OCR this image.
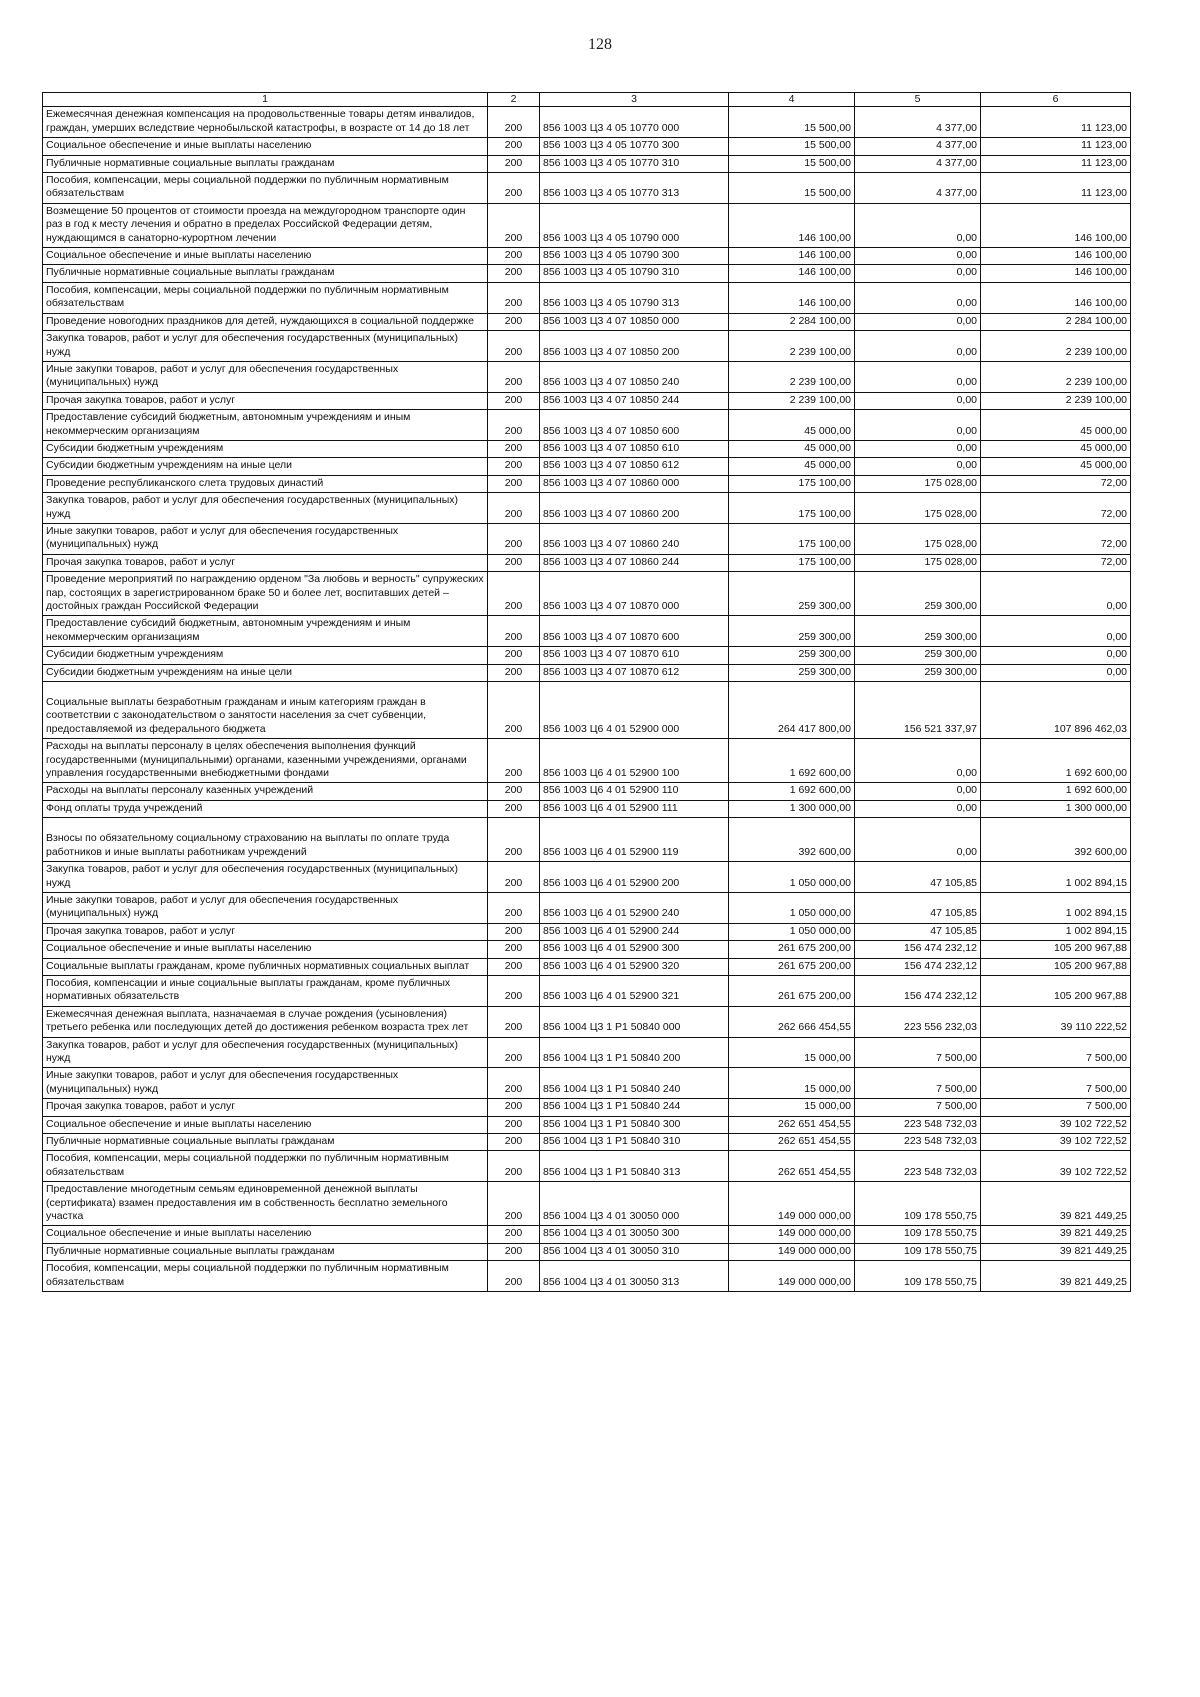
128
1	2	3	4	5	6
Ежемесячная денежная компенсация на продовольственные товары детям инвалидов, граждан, умерших вследствие чернобыльской катастрофы, в возрасте от 14 до 18 лет	200	856 1003 Ц3 4 05 10770 000	15 500,00	4 377,00	11 123,00
Социальное обеспечение и иные выплаты населению	200	856 1003 Ц3 4 05 10770 300	15 500,00	4 377,00	11 123,00
Публичные нормативные социальные выплаты гражданам	200	856 1003 Ц3 4 05 10770 310	15 500,00	4 377,00	11 123,00
Пособия, компенсации, меры социальной поддержки по публичным нормативным обязательствам	200	856 1003 Ц3 4 05 10770 313	15 500,00	4 377,00	11 123,00
Возмещение 50 процентов от стоимости проезда на междугородном транспорте один раз в год к месту лечения и обратно в пределах Российской Федерации детям, нуждающимся в санаторно-курортном лечении	200	856 1003 Ц3 4 05 10790 000	146 100,00	0,00	146 100,00
Социальное обеспечение и иные выплаты населению	200	856 1003 Ц3 4 05 10790 300	146 100,00	0,00	146 100,00
Публичные нормативные социальные выплаты гражданам	200	856 1003 Ц3 4 05 10790 310	146 100,00	0,00	146 100,00
Пособия, компенсации, меры социальной поддержки по публичным нормативным обязательствам	200	856 1003 Ц3 4 05 10790 313	146 100,00	0,00	146 100,00
Проведение новогодних праздников для детей, нуждающихся в социальной поддержке	200	856 1003 Ц3 4 07 10850 000	2 284 100,00	0,00	2 284 100,00
Закупка товаров, работ и услуг для обеспечения государственных (муниципальных) нужд	200	856 1003 Ц3 4 07 10850 200	2 239 100,00	0,00	2 239 100,00
Иные закупки товаров, работ и услуг для обеспечения государственных (муниципальных) нужд	200	856 1003 Ц3 4 07 10850 240	2 239 100,00	0,00	2 239 100,00
Прочая закупка товаров, работ и услуг	200	856 1003 Ц3 4 07 10850 244	2 239 100,00	0,00	2 239 100,00
Предоставление субсидий бюджетным, автономным учреждениям и иным некоммерческим организациям	200	856 1003 Ц3 4 07 10850 600	45 000,00	0,00	45 000,00
Субсидии бюджетным учреждениям	200	856 1003 Ц3 4 07 10850 610	45 000,00	0,00	45 000,00
Субсидии бюджетным учреждениям на иные цели	200	856 1003 Ц3 4 07 10850 612	45 000,00	0,00	45 000,00
Проведение республиканского слета трудовых династий	200	856 1003 Ц3 4 07 10860 000	175 100,00	175 028,00	72,00
Закупка товаров, работ и услуг для обеспечения государственных (муниципальных) нужд	200	856 1003 Ц3 4 07 10860 200	175 100,00	175 028,00	72,00
Иные закупки товаров, работ и услуг для обеспечения государственных (муниципальных) нужд	200	856 1003 Ц3 4 07 10860 240	175 100,00	175 028,00	72,00
Прочая закупка товаров, работ и услуг	200	856 1003 Ц3 4 07 10860 244	175 100,00	175 028,00	72,00
Проведение мероприятий по награждению орденом "За любовь и верность" супружеских пар, состоящих в зарегистрированном браке 50 и более лет, воспитавших детей – достойных граждан Российской Федерации	200	856 1003 Ц3 4 07 10870 000	259 300,00	259 300,00	0,00
Предоставление субсидий бюджетным, автономным учреждениям и иным некоммерческим организациям	200	856 1003 Ц3 4 07 10870 600	259 300,00	259 300,00	0,00
Субсидии бюджетным учреждениям	200	856 1003 Ц3 4 07 10870 610	259 300,00	259 300,00	0,00
Субсидии бюджетным учреждениям на иные цели	200	856 1003 Ц3 4 07 10870 612	259 300,00	259 300,00	0,00
Социальные выплаты безработным гражданам и иным категориям граждан в соответствии с законодательством о занятости населения за счет субвенции, предоставляемой из федерального бюджета	200	856 1003 Ц6 4 01 52900 000	264 417 800,00	156 521 337,97	107 896 462,03
Расходы на выплаты персоналу в целях обеспечения выполнения функций государственными (муниципальными) органами, казенными учреждениями, органами управления государственными внебюджетными фондами	200	856 1003 Ц6 4 01 52900 100	1 692 600,00	0,00	1 692 600,00
Расходы на выплаты персоналу казенных учреждений	200	856 1003 Ц6 4 01 52900 110	1 692 600,00	0,00	1 692 600,00
Фонд оплаты труда учреждений	200	856 1003 Ц6 4 01 52900 111	1 300 000,00	0,00	1 300 000,00
Взносы по обязательному социальному страхованию на выплаты по оплате труда работников и иные выплаты работникам учреждений	200	856 1003 Ц6 4 01 52900 119	392 600,00	0,00	392 600,00
Закупка товаров, работ и услуг для обеспечения государственных (муниципальных) нужд	200	856 1003 Ц6 4 01 52900 200	1 050 000,00	47 105,85	1 002 894,15
Иные закупки товаров, работ и услуг для обеспечения государственных (муниципальных) нужд	200	856 1003 Ц6 4 01 52900 240	1 050 000,00	47 105,85	1 002 894,15
Прочая закупка товаров, работ и услуг	200	856 1003 Ц6 4 01 52900 244	1 050 000,00	47 105,85	1 002 894,15
Социальное обеспечение и иные выплаты населению	200	856 1003 Ц6 4 01 52900 300	261 675 200,00	156 474 232,12	105 200 967,88
Социальные выплаты гражданам, кроме публичных нормативных социальных выплат	200	856 1003 Ц6 4 01 52900 320	261 675 200,00	156 474 232,12	105 200 967,88
Пособия, компенсации и иные социальные выплаты гражданам, кроме публичных нормативных обязательств	200	856 1003 Ц6 4 01 52900 321	261 675 200,00	156 474 232,12	105 200 967,88
Ежемесячная денежная выплата, назначаемая в случае рождения (усыновления) третьего ребенка или последующих детей до достижения ребенком возраста трех лет	200	856 1004 Ц3 1 P1 50840 000	262 666 454,55	223 556 232,03	39 110 222,52
Закупка товаров, работ и услуг для обеспечения государственных (муниципальных) нужд	200	856 1004 Ц3 1 P1 50840 200	15 000,00	7 500,00	7 500,00
Иные закупки товаров, работ и услуг для обеспечения государственных (муниципальных) нужд	200	856 1004 Ц3 1 P1 50840 240	15 000,00	7 500,00	7 500,00
Прочая закупка товаров, работ и услуг	200	856 1004 Ц3 1 P1 50840 244	15 000,00	7 500,00	7 500,00
Социальное обеспечение и иные выплаты населению	200	856 1004 Ц3 1 P1 50840 300	262 651 454,55	223 548 732,03	39 102 722,52
Публичные нормативные социальные выплаты гражданам	200	856 1004 Ц3 1 P1 50840 310	262 651 454,55	223 548 732,03	39 102 722,52
Пособия, компенсации, меры социальной поддержки по публичным нормативным обязательствам	200	856 1004 Ц3 1 P1 50840 313	262 651 454,55	223 548 732,03	39 102 722,52
Предоставление многодетным семьям единовременной денежной выплаты (сертификата) взамен предоставления им в собственность бесплатно земельного участка	200	856 1004 Ц3 4 01 30050 000	149 000 000,00	109 178 550,75	39 821 449,25
Социальное обеспечение и иные выплаты населению	200	856 1004 Ц3 4 01 30050 300	149 000 000,00	109 178 550,75	39 821 449,25
Публичные нормативные социальные выплаты гражданам	200	856 1004 Ц3 4 01 30050 310	149 000 000,00	109 178 550,75	39 821 449,25
Пособия, компенсации, меры социальной поддержки по публичным нормативным обязательствам	200	856 1004 Ц3 4 01 30050 313	149 000 000,00	109 178 550,75	39 821 449,25
